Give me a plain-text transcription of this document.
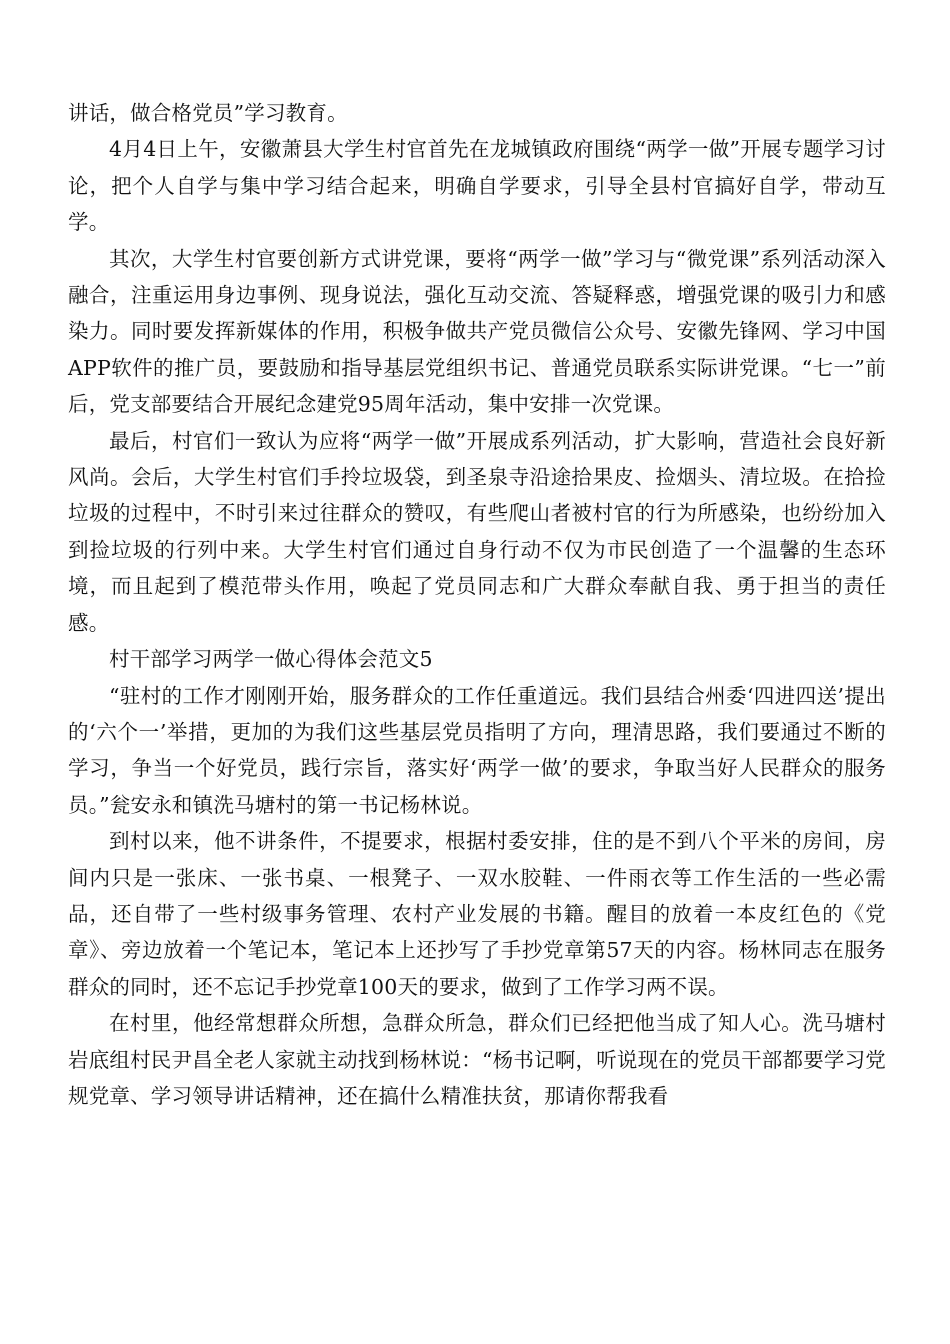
讲话，做合格党员”学习教育。

4月4日上午，安徽萧县大学生村官首先在龙城镇政府围绕“两学一做”开展专题学习讨论，把个人自学与集中学习结合起来，明确自学要求，引导全县村官搞好自学，带动互学。

其次，大学生村官要创新方式讲党课，要将“两学一做”学习与“微党课”系列活动深入融合，注重运用身边事例、现身说法，强化互动交流、答疑释惑，增强党课的吸引力和感染力。同时要发挥新媒体的作用，积极争做共产党员微信公众号、安徽先锋网、学习中国APP软件的推广员，要鼓励和指导基层党组织书记、普通党员联系实际讲党课。“七一”前后，党支部要结合开展纪念建党95周年活动，集中安排一次党课。

最后，村官们一致认为应将“两学一做”开展成系列活动，扩大影响，营造社会良好新风尚。会后，大学生村官们手拎垃圾袋，到圣泉寺沿途拾果皮、捡烟头、清垃圾。在拾捡垃圾的过程中，不时引来过往群众的赞叹，有些爬山者被村官的行为所感染，也纷纷加入到捡垃圾的行列中来。大学生村官们通过自身行动不仅为市民创造了一个温馨的生态环境，而且起到了模范带头作用，唤起了党员同志和广大群众奉献自我、勇于担当的责任感。

村干部学习两学一做心得体会范文5

“驻村的工作才刚刚开始，服务群众的工作任重道远。我们县结合州委‘四进四送’提出的‘六个一’举措，更加的为我们这些基层党员指明了方向，理清思路，我们要通过不断的学习，争当一个好党员，践行宗旨，落实好‘两学一做’的要求，争取当好人民群众的服务员。”瓮安永和镇洗马塘村的第一书记杨林说。

到村以来，他不讲条件，不提要求，根据村委安排，住的是不到八个平米的房间，房间内只是一张床、一张书桌、一根凳子、一双水胶鞋、一件雨衣等工作生活的一些必需品，还自带了一些村级事务管理、农村产业发展的书籍。醒目的放着一本皮红色的《党章》、旁边放着一个笔记本，笔记本上还抄写了手抄党章第57天的内容。杨林同志在服务群众的同时，还不忘记手抄党章100天的要求，做到了工作学习两不误。

在村里，他经常想群众所想，急群众所急，群众们已经把他当成了知人心。洗马塘村岩底组村民尹昌全老人家就主动找到杨林说：“杨书记啊，听说现在的党员干部都要学习党规党章、学习领导讲话精神，还在搞什么精准扶贫，那请你帮我看
